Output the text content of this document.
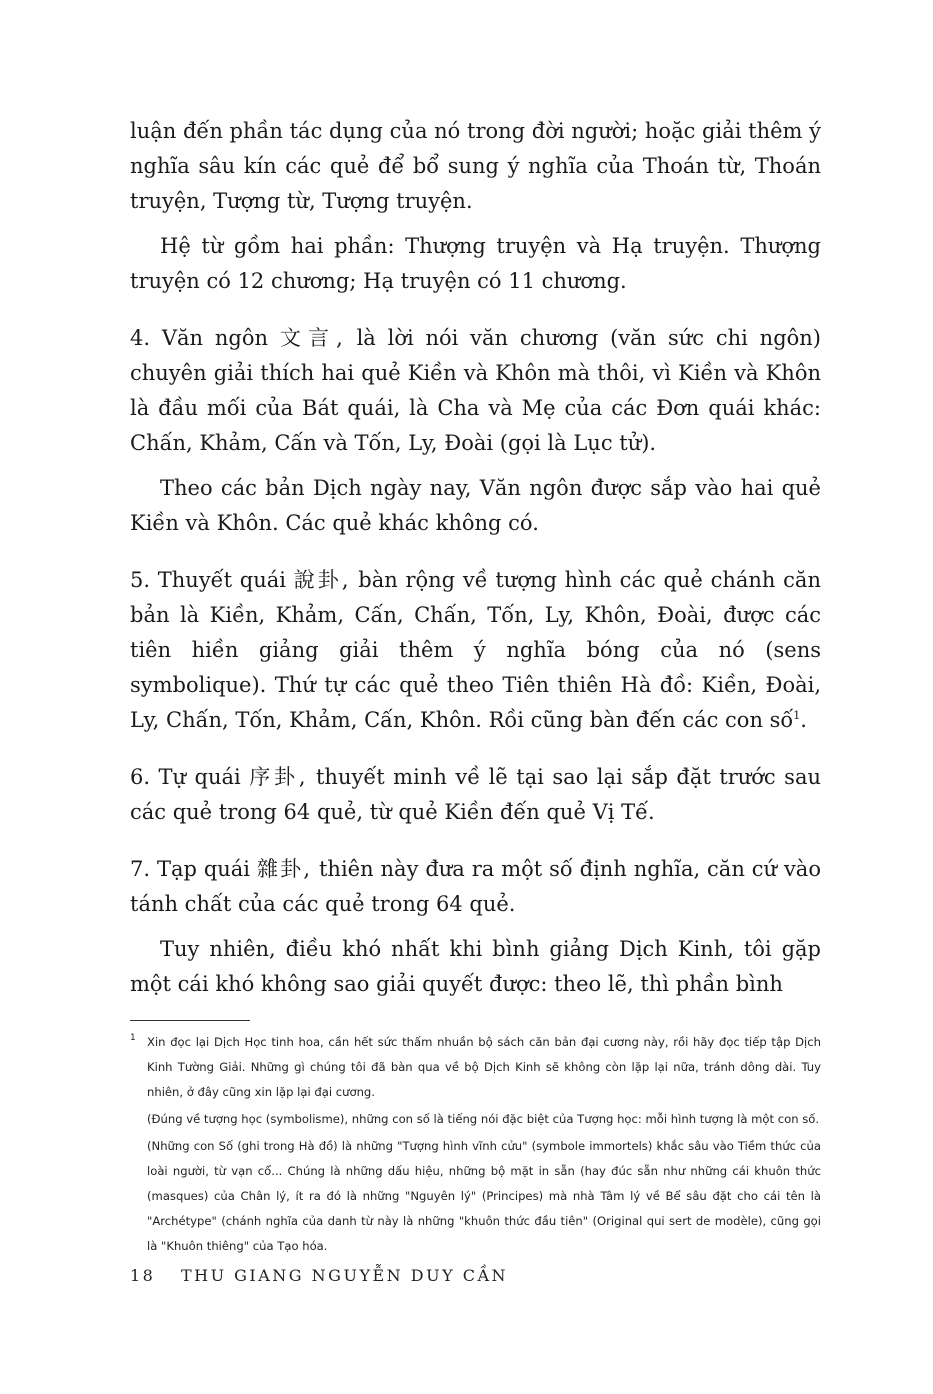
luận đến phần tác dụng của nó trong đời người; hoặc giải thêm ý nghĩa sâu kín các quẻ để bổ sung ý nghĩa của Thoán từ, Thoán truyện, Tượng từ, Tượng truyện.

Hệ từ gồm hai phần: Thượng truyện và Hạ truyện. Thượng truyện có 12 chương; Hạ truyện có 11 chương.

4. Văn ngôn 文言, là lời nói văn chương (văn sức chi ngôn) chuyên giải thích hai quẻ Kiền và Khôn mà thôi, vì Kiền và Khôn là đầu mối của Bát quái, là Cha và Mẹ của các Đơn quái khác: Chấn, Khảm, Cấn và Tốn, Ly, Đoài (gọi là Lục tử).

Theo các bản Dịch ngày nay, Văn ngôn được sắp vào hai quẻ Kiền và Khôn. Các quẻ khác không có.

5. Thuyết quái 說卦, bàn rộng về tượng hình các quẻ chánh căn bản là Kiền, Khảm, Cấn, Chấn, Tốn, Ly, Khôn, Đoài, được các tiên hiền giảng giải thêm ý nghĩa bóng của nó (sens symbolique). Thứ tự các quẻ theo Tiên thiên Hà đồ: Kiền, Đoài, Ly, Chấn, Tốn, Khảm, Cấn, Khôn. Rồi cũng bàn đến các con số$^1$.

6. Tự quái 序卦, thuyết minh về lẽ tại sao lại sắp đặt trước sau các quẻ trong 64 quẻ, từ quẻ Kiền đến quẻ Vị Tế.

7. Tạp quái 雜卦, thiên này đưa ra một số định nghĩa, căn cứ vào tánh chất của các quẻ trong 64 quẻ.

Tuy nhiên, điều khó nhất khi bình giảng Dịch Kinh, tôi gặp một cái khó không sao giải quyết được: theo lẽ, thì phần bình

1 Xin đọc lại Dịch Học tinh hoa, cần hết sức thấm nhuần bộ sách căn bản đại cương này, rồi hãy đọc tiếp tập Dịch Kinh Tường Giải. Những gì chúng tôi đã bàn qua về bộ Dịch Kinh sẽ không còn lặp lại nữa, tránh dông dài. Tuy nhiên, ở đây cũng xin lặp lại đại cương.

(Đúng về tượng học (symbolisme), những con số là tiếng nói đặc biệt của Tượng học: mỗi hình tượng là một con số.

(Những con Số (ghi trong Hà đồ) là những "Tượng hình vĩnh cửu" (symbole immortels) khắc sâu vào Tiềm thức của loài người, từ vạn cổ... Chúng là những dấu hiệu, những bộ mặt in sẵn (hay đúc sẵn như những cái khuôn thức (masques) của Chân lý, ít ra đó là những "Nguyên lý" (Principes) mà nhà Tâm lý về Bể sâu đặt cho cái tên là "Archétype" (chánh nghĩa của danh từ này là những "khuôn thức đầu tiên" (Original qui sert de modèle), cũng gọi là "Khuôn thiêng" của Tạo hóa.

18 THU GIANG NGUYỄN DUY CẦN
